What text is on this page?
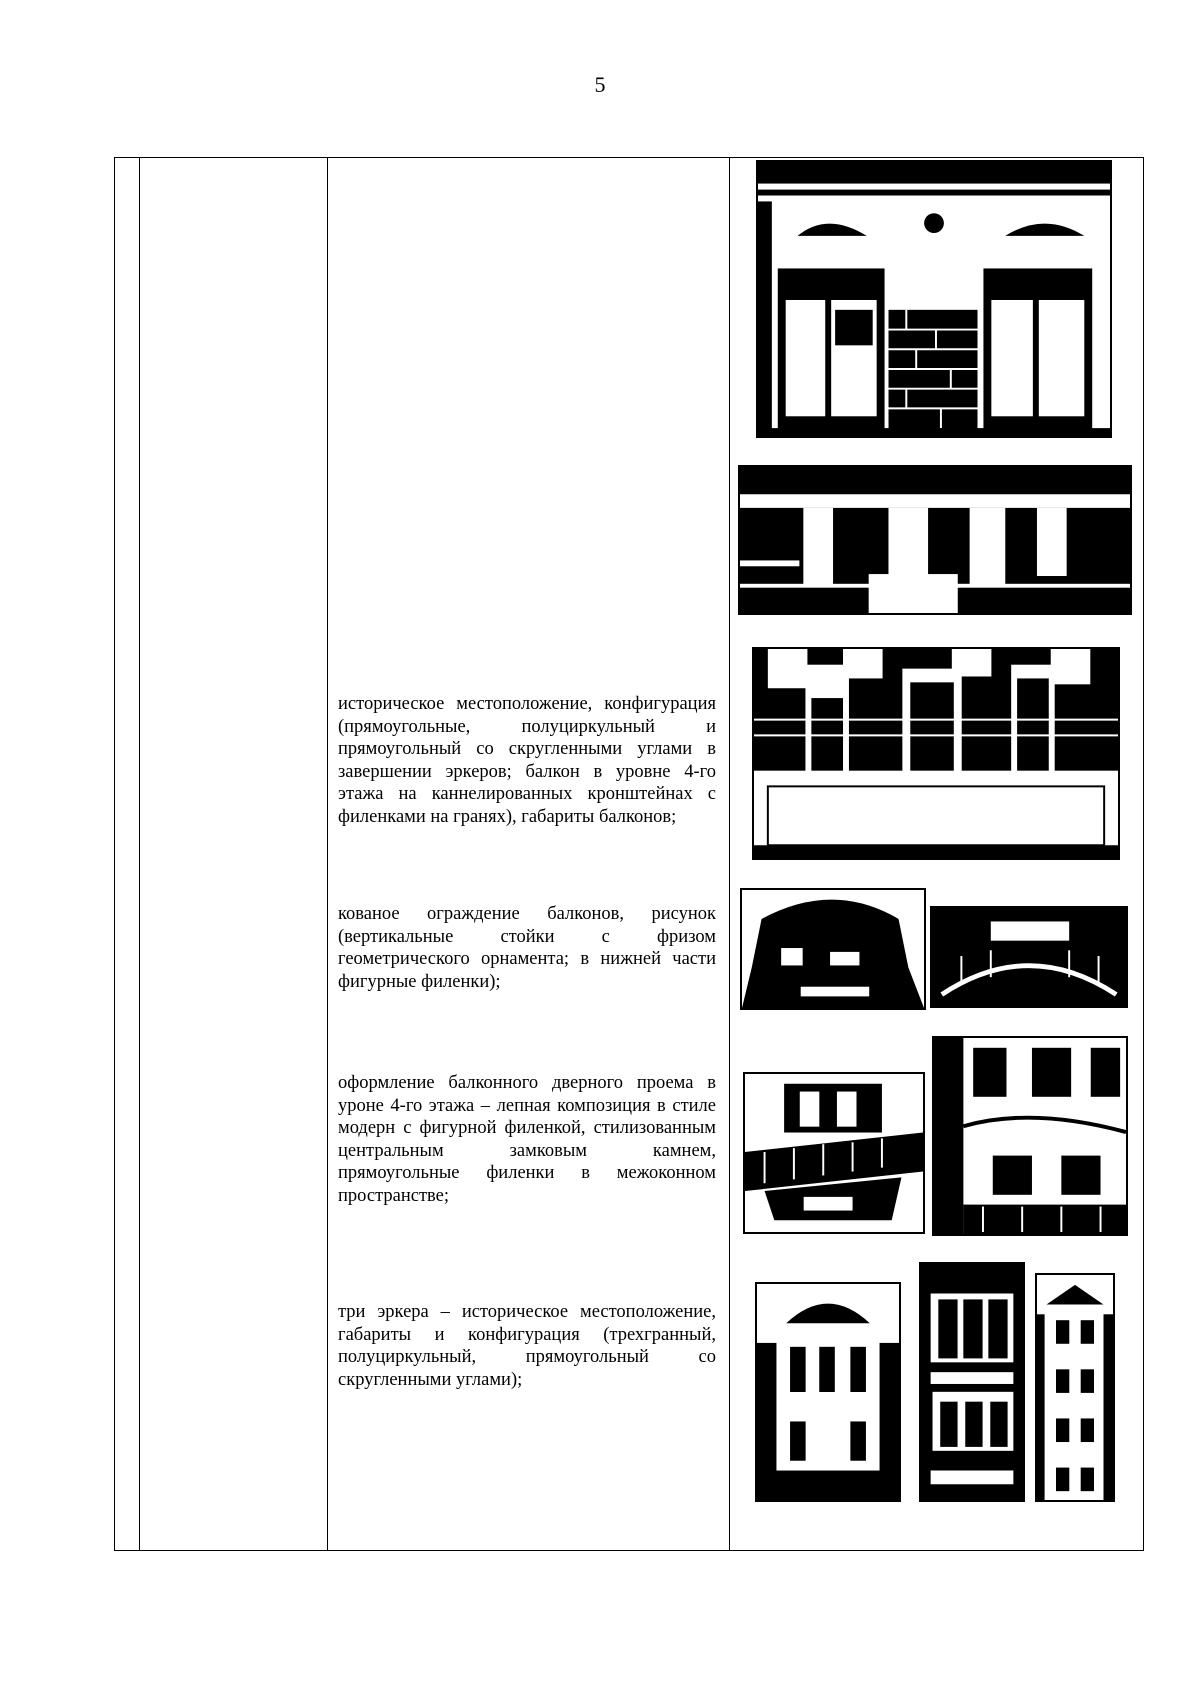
5
историческое местоположение, конфигурация (прямоугольные, полуциркульный и прямоугольный со скругленными углами в завершении эркеров; балкон в уровне 4-го этажа на каннелированных кронштейнах с филенками на гранях), габариты балконов;
кованое ограждение балконов, рисунок (вертикальные стойки с фризом геометрического орнамента; в нижней части фигурные филенки);
оформление балконного дверного проема в уроне 4-го этажа – лепная композиция в стиле модерн с фигурной филенкой, стилизованным центральным замковым камнем, прямоугольные филенки в межоконном пространстве;
три эркера – историческое местоположение, габариты и конфигурация (трехгранный, полуциркульный, прямоугольный со скругленными углами);
